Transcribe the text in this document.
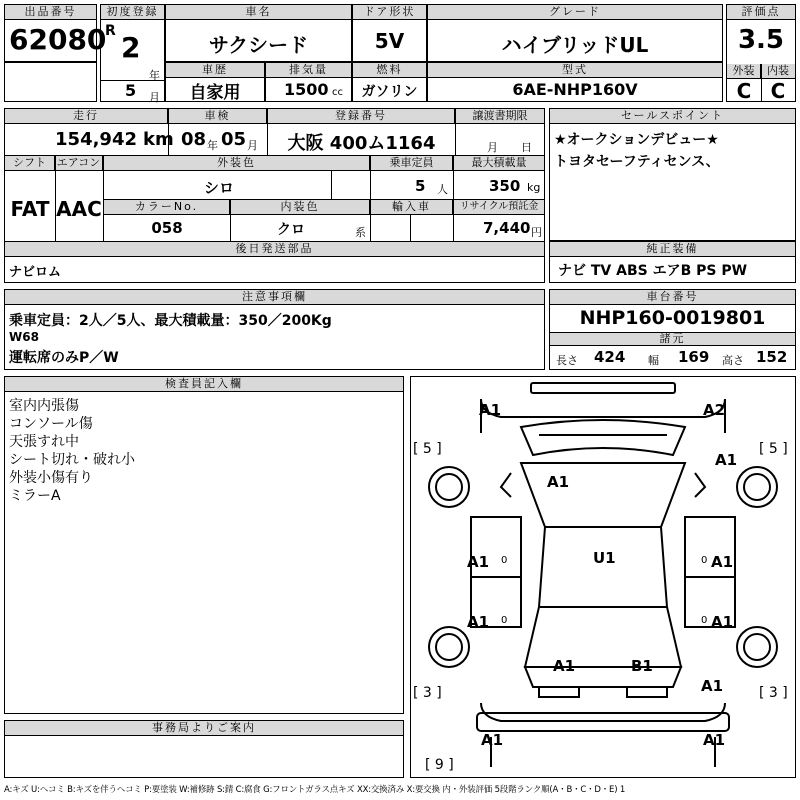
出品番号
62080
初度登録
R 2
年
5 月
車名
サクシード
ドア形状
5V
グレード
ハイブリッドUL
評価点
3.5
外装	内装
C C
車歴
自家用
排気量
1500 cc
燃料
ガソリン
型式
6AE-NHP160V
走行
154,942 km
車検
08 年 05 月
登録番号
大阪 400ム1164
譲渡書期限
月 日
シフト エアコン
FAT AAC
外装色
シロ
乗車定員
5 人
最大積載量
350 kg
カラーNo.
058
内装色
クロ	系
輸入車	リサイクル預託金
7,440 円
後日発送部品
ナビロム
セールスポイント
★オークションデビュー★
トヨタセーフティセンス、
純正装備
ナビ TV ABS エアB PS PW
注意事項欄
乗車定員：2人／5人、最大積載量：350／200Kg
W68
運転席のみP／W
車台番号
NHP160-0019801
諸元
長さ 424 幅 169 高さ 152
検査員記入欄
室内内張傷
コンソール傷
天張すれ中
シート切れ・破れ小
外装小傷有り
ミラーA
事務局よりご案内
A1	A2
A1
A1
A1	U1	A1
A1	A1
A1	B1
A1
A1	A1
0	0
0	0
[ 5 ]	[ 5 ]
[ 3 ]	[ 3 ]
[ 9 ]
A:キズ U:ヘコミ B:キズを伴うヘコミ P:要塗装 W:補修跡 S:錆 C:腐食 G:フロントガラス点キズ XX:交換済み X:要交換 内・外装評価 5段階ランク順(A・B・C・D・E) 1
